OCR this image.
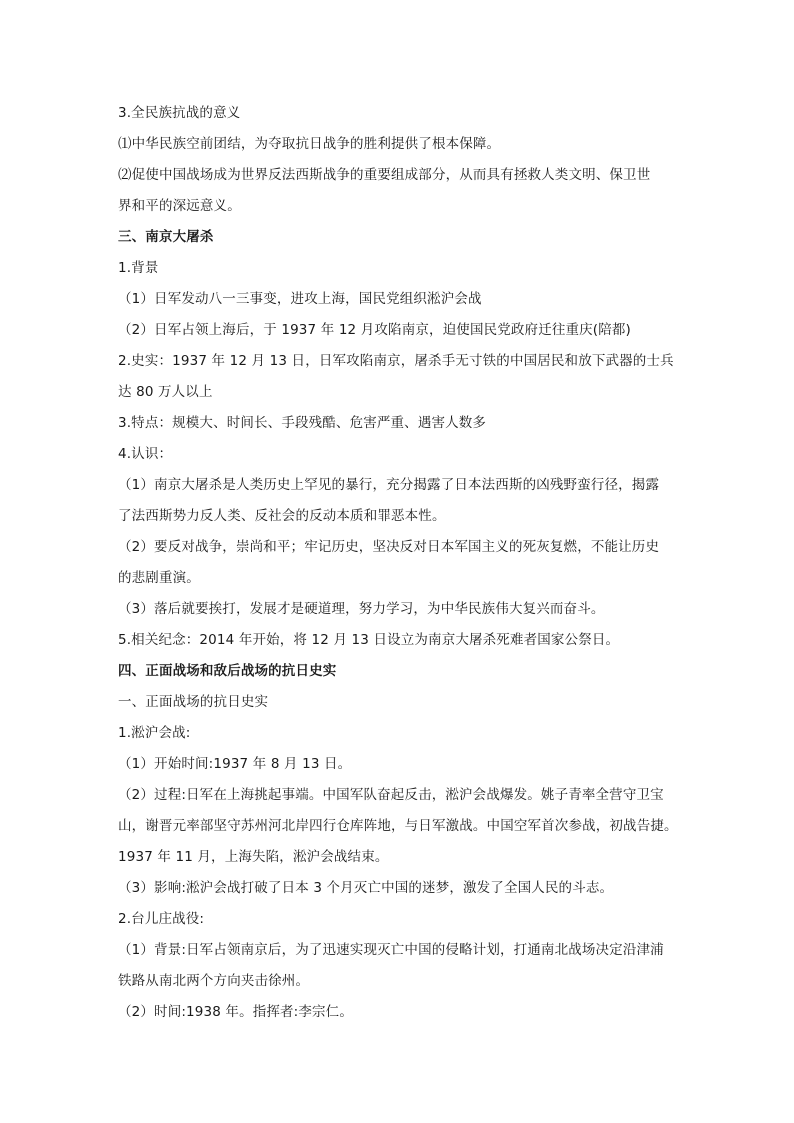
3.全民族抗战的意义
⑴中华民族空前团结，为夺取抗日战争的胜利提供了根本保障。
⑵促使中国战场成为世界反法西斯战争的重要组成部分，从而具有拯救人类文明、保卫世
界和平的深远意义。
三、南京大屠杀
1.背景
（1）日军发动八一三事变，进攻上海，国民党组织淞沪会战
（2）日军占领上海后，于 1937 年 12 月攻陷南京，迫使国民党政府迁往重庆(陪都)
2.史实：1937 年 12 月 13 日，日军攻陷南京，屠杀手无寸铁的中国居民和放下武器的士兵
达 80 万人以上
3.特点：规模大、时间长、手段残酷、危害严重、遇害人数多
4.认识：
（1）南京大屠杀是人类历史上罕见的暴行，充分揭露了日本法西斯的凶残野蛮行径，揭露
了法西斯势力反人类、反社会的反动本质和罪恶本性。
（2）要反对战争，崇尚和平；牢记历史，坚决反对日本军国主义的死灰复燃，不能让历史
的悲剧重演。
（3）落后就要挨打，发展才是硬道理，努力学习，为中华民族伟大复兴而奋斗。
5.相关纪念：2014 年开始，将 12 月 13 日设立为南京大屠杀死难者国家公祭日。
四、正面战场和敌后战场的抗日史实
一、正面战场的抗日史实
1.淞沪会战:
（1）开始时间:1937 年 8 月 13 日。
（2）过程:日军在上海挑起事端。中国军队奋起反击，淞沪会战爆发。姚子青率全营守卫宝
山，谢晋元率部坚守苏州河北岸四行仓库阵地，与日军激战。中国空军首次参战，初战告捷。
1937 年 11 月，上海失陷，淞沪会战结束。
（3）影响:淞沪会战打破了日本 3 个月灭亡中国的迷梦，激发了全国人民的斗志。
2.台儿庄战役:
（1）背景:日军占领南京后，为了迅速实现灭亡中国的侵略计划，打通南北战场决定沿津浦
铁路从南北两个方向夹击徐州。
（2）时间:1938 年。指挥者:李宗仁。
